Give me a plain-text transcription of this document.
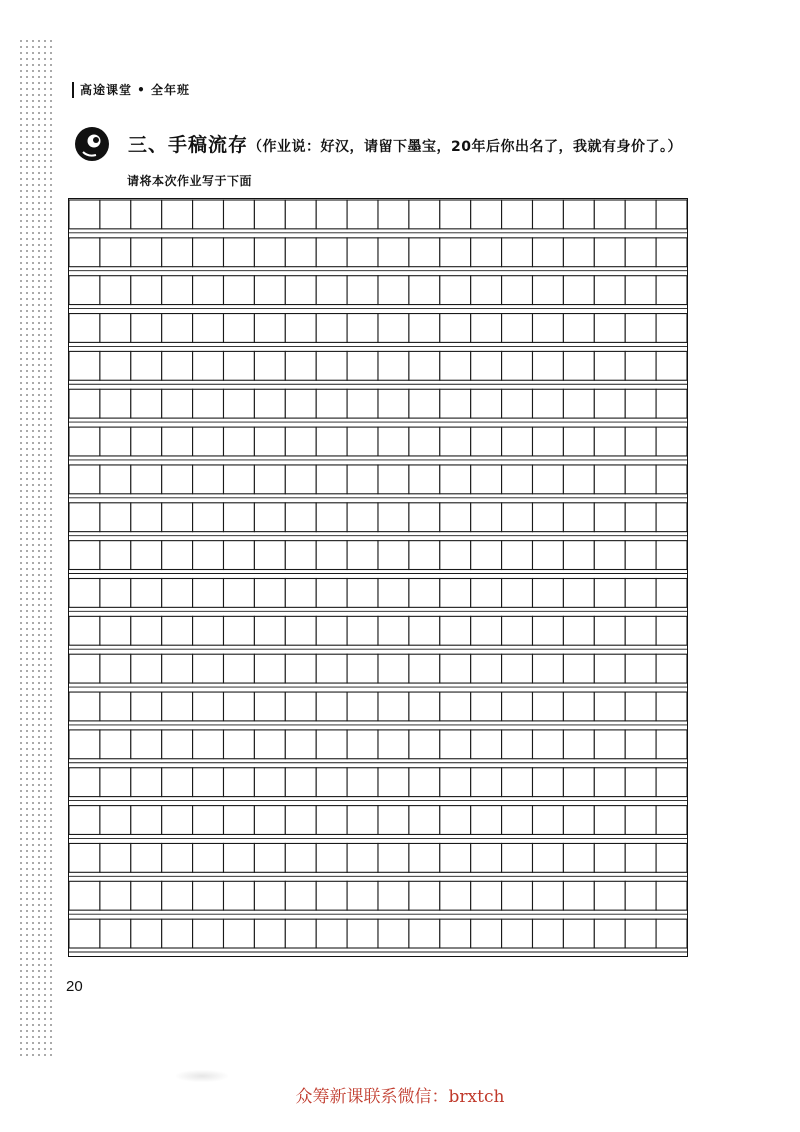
高途课堂 • 全年班
三、手稿流存（作业说：好汉，请留下墨宝，20年后你出名了，我就有身价了。）
请将本次作业写于下面
20
众筹新课联系微信：brxtch
